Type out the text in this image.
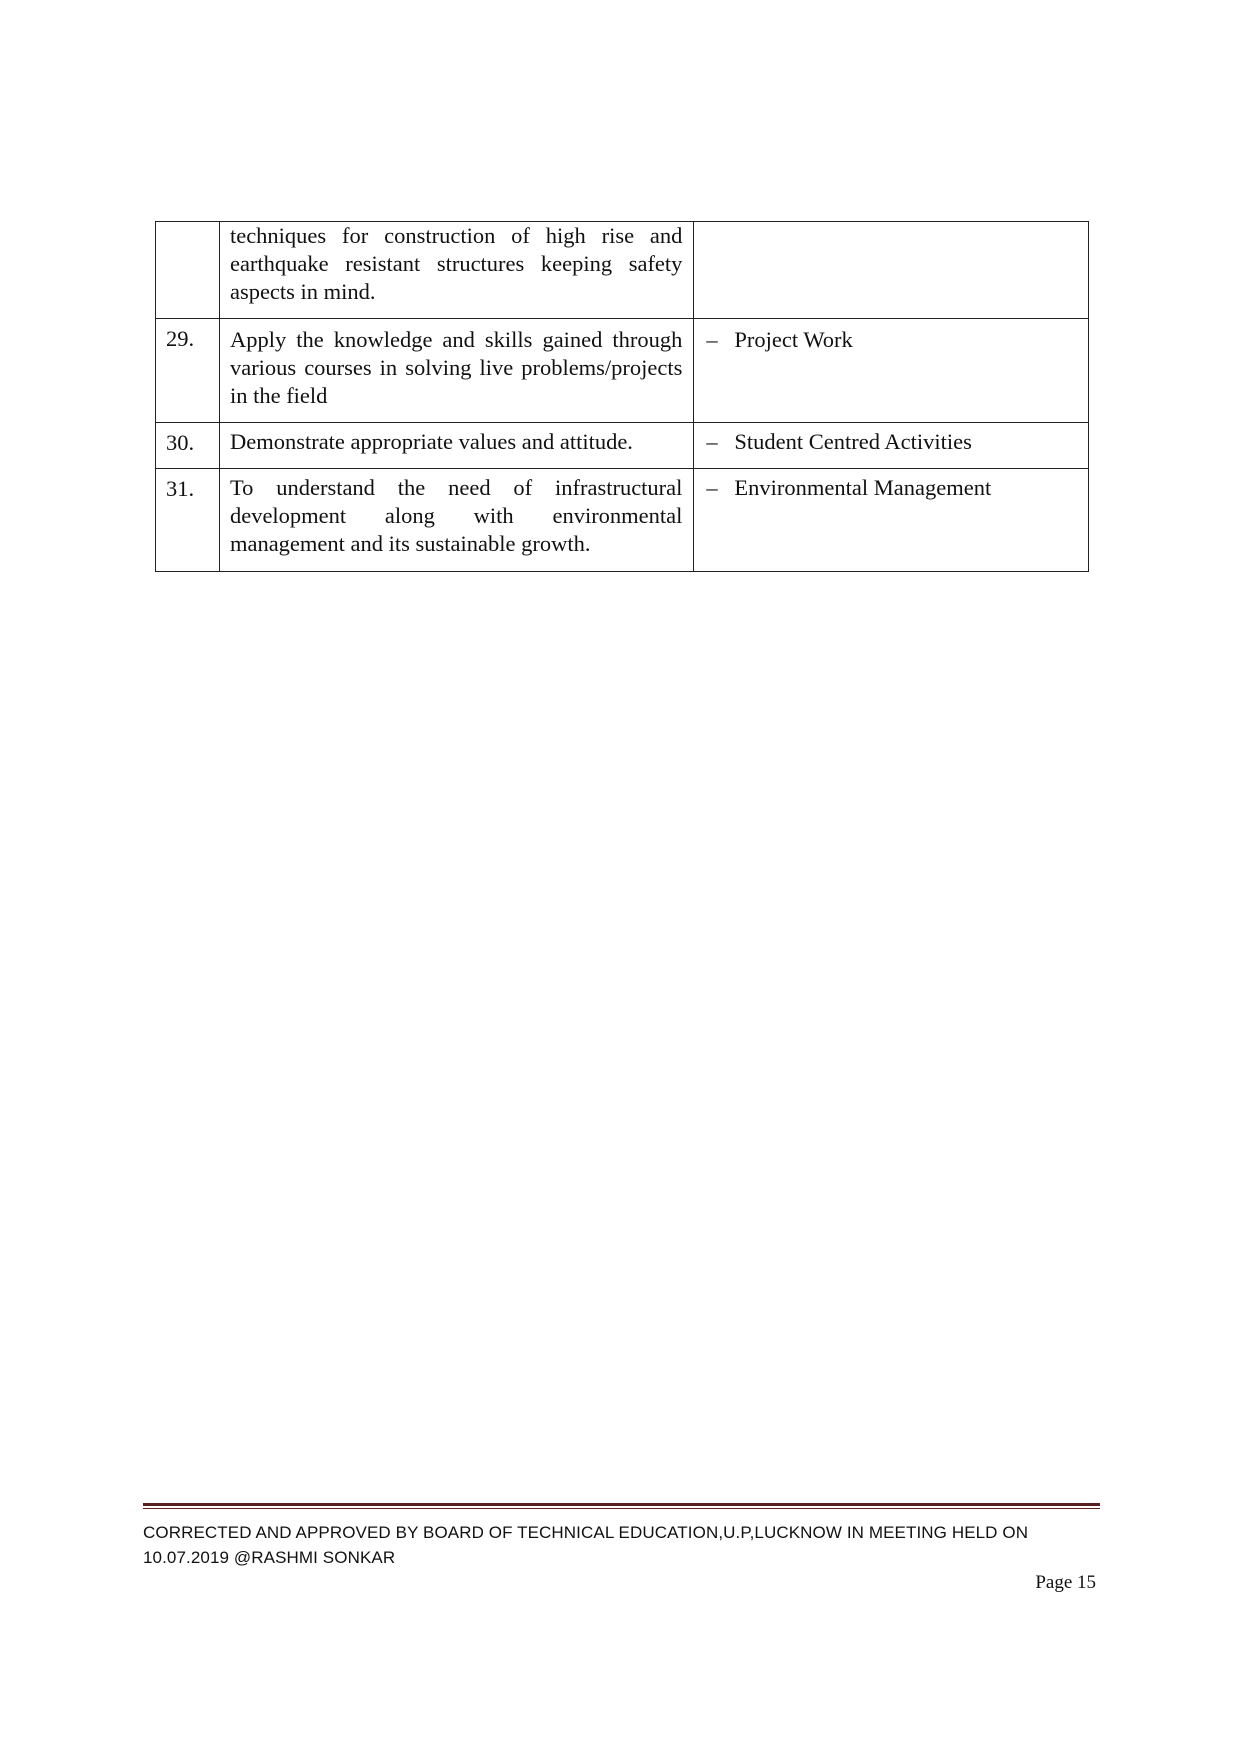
	techniques for construction of high rise and earthquake resistant structures keeping safety aspects in mind.	
29.	Apply the knowledge and skills gained through various courses in solving live problems/projects in the field	– Project Work
30.	Demonstrate appropriate values and attitude.	– Student Centred Activities
31.	To understand the need of infrastructural development along with environmental management and its sustainable growth.	– Environmental Management
CORRECTED AND APPROVED BY BOARD OF TECHNICAL EDUCATION,U.P,LUCKNOW IN MEETING HELD ON
10.07.2019 @RASHMI SONKAR
Page 15
